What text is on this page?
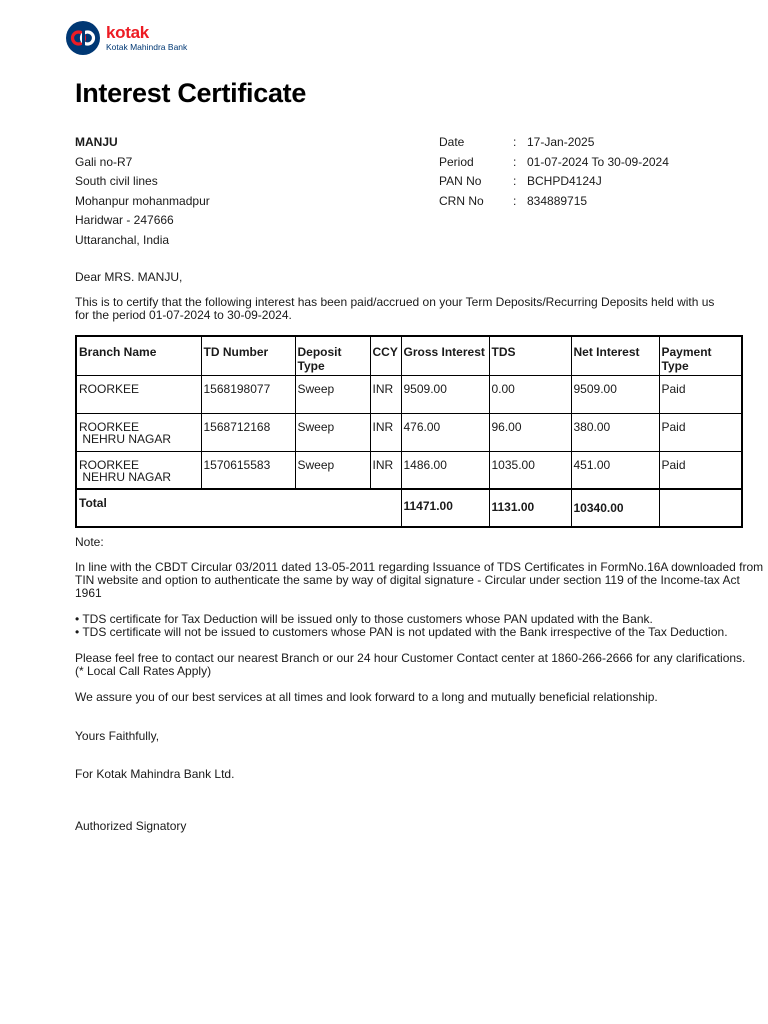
kotak
Kotak Mahindra Bank
Interest Certificate
MANJU
Gali no-R7
South civil lines
Mohanpur mohanmadpur
Haridwar - 247666
Uttaranchal, India
Date	: 17-Jan-2025
Period	: 01-07-2024 To 30-09-2024
PAN No	: BCHPD4124J
CRN No	: 834889715
Dear MRS. MANJU,
This is to certify that the following interest has been paid/accrued on your Term Deposits/Recurring Deposits held with us
for the period 01-07-2024 to 30-09-2024.
Branch Name	TD Number	Deposit Type	CCY	Gross Interest	TDS	Net Interest	Payment Type

ROORKEE	1568198077	Sweep	INR	9509.00	0.00	9509.00	Paid

ROORKEE
NEHRU NAGAR	1568712168	Sweep	INR	476.00	96.00	380.00	Paid

ROORKEE
NEHRU NAGAR	1570615583	Sweep	INR	1486.00	1035.00	451.00	Paid
Total				11471.00	1131.00	10340.00	
Note:
In line with the CBDT Circular 03/2011 dated 13-05-2011 regarding Issuance of TDS Certificates in FormNo.16A downloaded from
TIN website and option to authenticate the same by way of digital signature - Circular under section 119 of the Income-tax Act 1961
• TDS certificate for Tax Deduction will be issued only to those customers whose PAN updated with the Bank.
• TDS certificate will not be issued to customers whose PAN is not updated with the Bank irrespective of the Tax Deduction.
Please feel free to contact our nearest Branch or our 24 hour Customer Contact center at 1860-266-2666 for any clarifications.
(* Local Call Rates Apply)
We assure you of our best services at all times and look forward to a long and mutually beneficial relationship.
Yours Faithfully,
For Kotak Mahindra Bank Ltd.
Authorized Signatory
